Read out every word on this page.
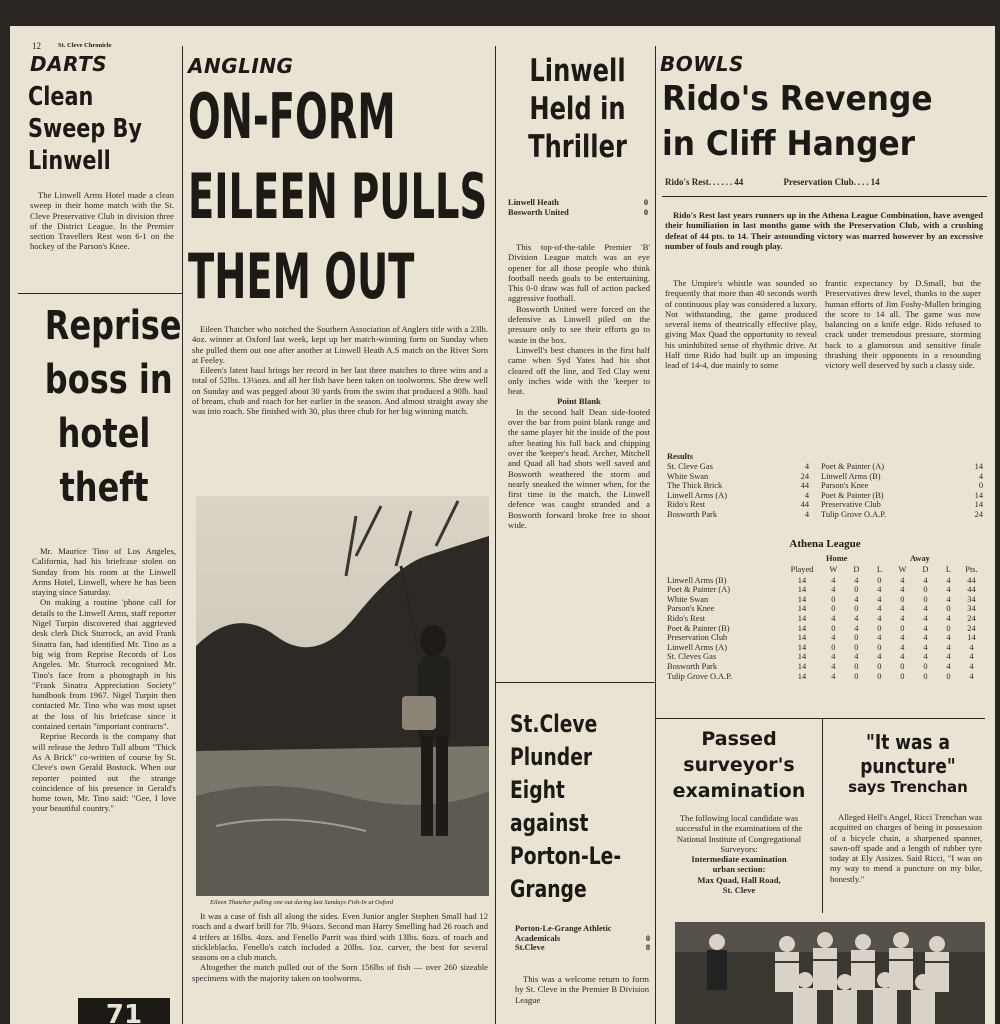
12	St. Cleve Chronicle
DARTS
Clean
Sweep By
Linwell

The Linwell Arms Hotel made a clean sweep in their home match with the St. Cleve Preservative Club in division three of the District League. In the Premier section Travellers Rest won 6-1 on the hockey of the Parson's Knee.

Reprise
boss in
hotel
theft

Mr. Maurice Tino of Los Angeles, California, had his briefcase stolen on Sunday from his room at the Linwell Arms Hotel, Linwell, where he has been staying since Saturday.

On making a routine 'phone call for details to the Linwell Arms, staff reporter Nigel Turpin discovered that aggrieved desk clerk Dick Sturrock, an avid Frank Sinatra fan, had identified Mr. Tino as a big wig from Reprise Records of Los Angeles. Mr. Sturrock recognised Mr. Tino's face from a photograph in his "Frank Sinatra Appreciation Society" handbook from 1967. Nigel Turpin then contacted Mr. Tino who was most upset at the loss of his briefcase since it contained certain "important contracts".

Reprise Records is the company that will release the Jethro Tull album "Thick As A Brick" co-written of course by St. Cleve's own Gerald Bostock. When our reporter pointed out the strange coincidence of his presence in Gerald's home town, Mr. Tino said: "Gee, I love your beautiful country."

71
ANGLING
ON-FORM
EILEEN PULLS
THEM OUT

Eileen Thatcher who notched the Southern Association of Anglers title with a 23lb. 4oz. winner at Oxford last week, kept up her match-winning form on Sunday when she pulled them out one after another at Linwell Heath A.S match on the River Sorn at Feeley.

Eileen's latest haul brings her record in her last three matches to three wins and a total of 52lbs. 13¼ozs. and all her fish have been taken on toolworms. She drew well on Sunday and was pegged about 30 yards from the swim that produced a 90lb. haul of bream, chub and roach for her earlier in the season. And almost straight away she was into roach. She finished with 30, plus three chub for her big winning match.

Eileen Thatcher pulling one out during last Sundays Fish-In at Oxford

It was a case of fish all along the sides. Even Junior angler Stephen Small had 12 roach and a dwarf brill for 7lb. 9¼ozs. Second man Harry Smelling had 26 roach and 4 trifers at 16lbs. 4ozs. and Fenello Parrit was third with 13lbs. 6ozs. of roach and stickleblacks. Fenello's catch included a 20lbs. 1oz. carver, the best for several seasons on a club match.

Altogether the match pulled out of the Sorn 156lbs of fish — over 260 sizeable specimens with the majority taken on toolworms.

Linwell
Held in
Thriller
Linwell Heath	0
Bosworth United	0

This top-of-the-table Premier 'B' Division League match was an eye opener for all those people who think football needs goals to be entertaining. This 0-0 draw was full of action packed aggressive football.

Bosworth United were forced on the defensive as Linwell piled on the pressure only to see their efforts go to waste in the box.

Linwell's best chances in the first half came when Syd Yates had his shot cleared off the line, and Ted Clay went only inches wide with the 'keeper to beat.

Point Blank

In the second half Dean side-footed over the bar from point blank range and the same player hit the inside of the post after beating his full back and chipping over the 'keeper's head. Archer, Mitchell and Quad all had shots well saved and Bosworth weathered the storm and nearly sneaked the winner when, for the first time in the match, the Linwell defence was caught stranded and a Bosworth forward broke free to shoot wide.

St.Cleve
Plunder
Eight
against
Porton-Le-
Grange
Porton-Le-Grange Athletic Academicals	0
St.Cleve	8

This was a welcome return to form by St. Cleve in the Premier B Division League

BOWLS
Rido's Revenge
in Cliff Hanger
Rido's Rest......44	Preservation Club....14

Rido's Rest last years runners up in the Athena League Combination, have avenged their humiliation in last months game with the Preservation Club, with a crushing defeat of 44 pts. to 14. Their astounding victory was marred however by an excessive number of fouls and rough play.

The Umpire's whistle was sounded so frequently that more than 40 seconds worth of continuous play was considered a luxury. Not withstanding, the game produced several items of theatrically effective play, giving Max Quad the opportunity to reveal his uninhibited sense of rhythmic drive. At Half time Rido had built up an imposing lead of 14-4, due mainly to some

frantic expectancy by D.Small, but the Preservatives drew level, thanks to the super human efforts of Jim Foshy-Mullen bringing the score to 14 all. The game was now balancing on a knife edge. Rido refused to crack under tremendous pressure, storming back to a glamorous and sensitive finale thrashing their opponents in a resounding victory well deserved by such a classy side.

Results
St. Cleve Gas	4	Poet & Painter (A)	14
White Swan	24	Linwell Arms (B)	4
The Thick Brick	44	Parson's Knee	0
Linwell Arms (A)	4	Poet & Painter (B)	14
Rido's Rest	44	Preservative Club	14
Bosworth Park	4	Tulip Grove O.A.P.	24
Athena League
Home	Away
	Played	W	D	L	W	D	L	Pts.
Linwell Arms (B)	14	4	4	0	4	4	4	44
Poet & Painter (A)	14	4	0	4	4	0	4	44
White Swan	14	0	4	4	0	0	4	34
Parson's Knee	14	0	0	4	4	4	0	34
Rido's Rest	14	4	4	4	4	4	4	24
Poet & Painter (B)	14	0	4	0	0	4	0	24
Preservation Club	14	4	0	4	4	4	4	14
Linwell Arms (A)	14	0	0	0	4	4	4	4
St. Cleves Gas	14	4	4	4	4	4	4	4
Bosworth Park	14	4	0	0	0	0	4	4
Tulip Grove O.A.P.	14	4	0	0	0	0	0	4
Passed
surveyor's
examination
The following local candidate was successful in the examinations of the National Institute of Congregational Surveyors:
Intermediate examination
urban section:
Max Quad, Hall Road,
St. Cleve
"It was a
puncture"
says Trenchan

Alleged Hell's Angel, Ricci Trenchan was acquitted on charges of being in possession of a bicycle chain, a sharpened spanner, sawn-off spade and a length of rubber tyre today at Ely Assizes. Said Ricci, "I was on my way to mend a puncture on my bike, honestly."
